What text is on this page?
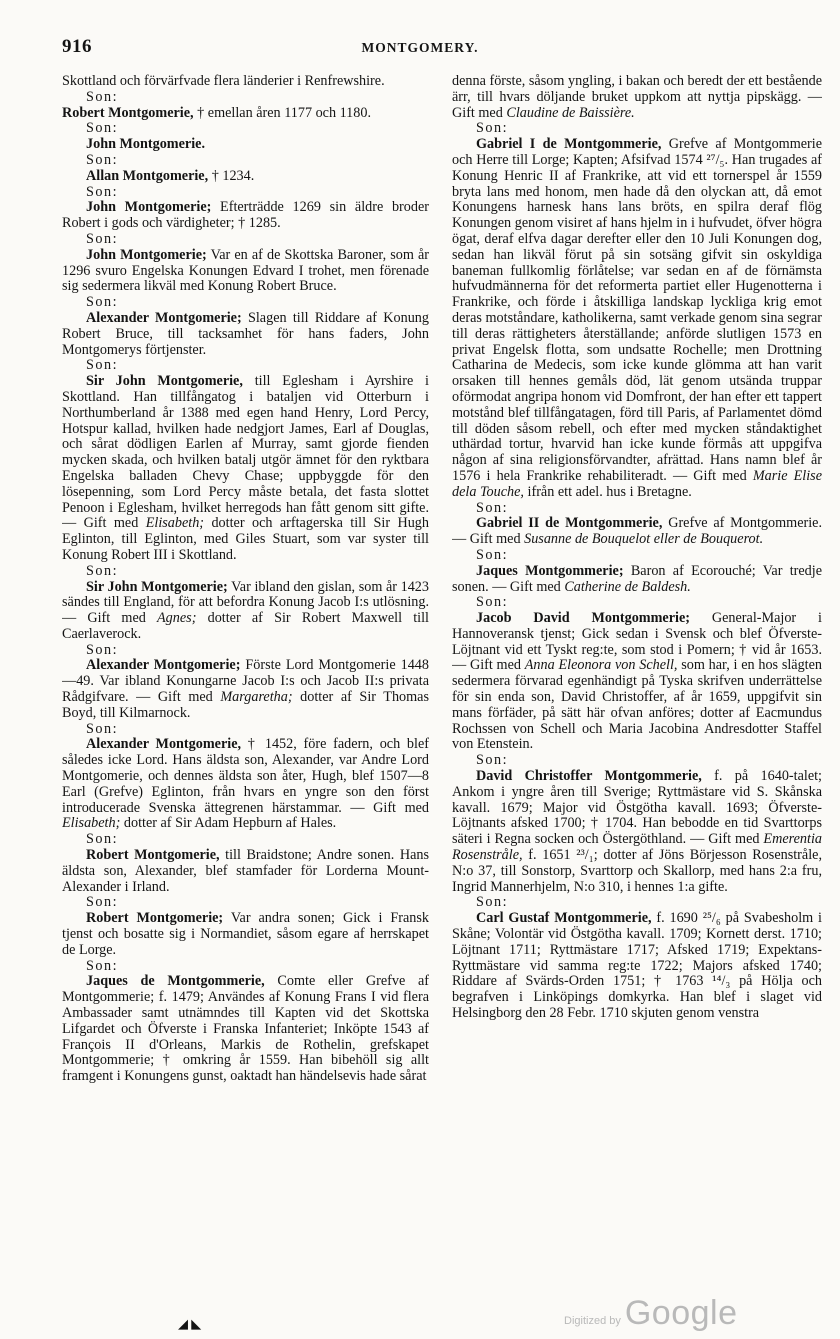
916	MONTGOMERY.

Skottland och förvärfvade flera länderier i Renfrewshire.

Son:

Robert Montgomerie, † emellan åren 1177 och 1180.

Son:

John Montgomerie.

Son:

Allan Montgomerie, † 1234.

Son:

John Montgomerie; Efterträdde 1269 sin äldre broder Robert i gods och värdigheter; † 1285.

Son:

John Montgomerie; Var en af de Skottska Baroner, som år 1296 svuro Engelska Konungen Edvard I trohet, men förenade sig sedermera likväl med Konung Robert Bruce.

Son:

Alexander Montgomerie; Slagen till Riddare af Konung Robert Bruce, till tacksamhet för hans faders, John Montgomerys förtjenster.

Son:

Sir John Montgomerie, till Eglesham i Ayrshire i Skottland. Han tillfångatog i bataljen vid Otterburn i Northumberland år 1388 med egen hand Henry, Lord Percy, Hotspur kallad, hvilken hade nedgjort James, Earl af Douglas, och sårat dödligen Earlen af Murray, samt gjorde fienden mycken skada, och hvilken batalj utgör ämnet för den ryktbara Engelska balladen Chevy Chase; uppbyggde för den lösepenning, som Lord Percy måste betala, det fasta slottet Penoon i Eglesham, hvilket herregods han fått genom sitt gifte. — Gift med Elisabeth; dotter och arftagerska till Sir Hugh Eglinton, till Eglinton, med Giles Stuart, som var syster till Konung Robert III i Skottland.

Son:

Sir John Montgomerie; Var ibland den gislan, som år 1423 sändes till England, för att befordra Konung Jacob I:s utlösning. — Gift med Agnes; dotter af Sir Robert Maxwell till Caerlaverock.

Son:

Alexander Montgomerie; Förste Lord Montgomerie 1448—49. Var ibland Konungarne Jacob I:s och Jacob II:s privata Rådgifvare. — Gift med Margaretha; dotter af Sir Thomas Boyd, till Kilmarnock.

Son:

Alexander Montgomerie, † 1452, före fadern, och blef således icke Lord. Hans äldsta son, Alexander, var Andre Lord Montgomerie, och dennes äldsta son åter, Hugh, blef 1507—8 Earl (Grefve) Eglinton, från hvars en yngre son den först introducerade Svenska ättegrenen härstammar. — Gift med Elisabeth; dotter af Sir Adam Hepburn af Hales.

Son:

Robert Montgomerie, till Braidstone; Andre sonen. Hans äldsta son, Alexander, blef stamfader för Lorderna Mount-Alexander i Irland.

Son:

Robert Montgomerie; Var andra sonen; Gick i Fransk tjenst och bosatte sig i Normandiet, såsom egare af herrskapet de Lorge.

Son:

Jaques de Montgommerie, Comte eller Grefve af Montgommerie; f. 1479; Användes af Konung Frans I vid flera Ambassader samt utnämndes till Kapten vid det Skottska Lifgardet och Öfverste i Franska Infanteriet; Inköpte 1543 af François II d'Orleans, Markis de Rothelin, grefskapet Montgommerie; † omkring år 1559. Han bibehöll sig allt framgent i Konungens gunst, oaktadt han händelsevis hade sårat

denna förste, såsom yngling, i bakan och beredt der ett bestående ärr, till hvars döljande bruket uppkom att nyttja pipskägg. — Gift med Claudine de Baissière.

Son:

Gabriel I de Montgommerie, Grefve af Montgommerie och Herre till Lorge; Kapten; Afsifvad 1574 ²⁷/₅. Han trugades af Konung Henric II af Frankrike, att vid ett tornerspel år 1559 bryta lans med honom, men hade då den olyckan att, då emot Konungens harnesk hans lans bröts, en spilra deraf flög Konungen genom visiret af hans hjelm in i hufvudet, öfver högra ögat, deraf elfva dagar derefter eller den 10 Juli Konungen dog, sedan han likväl förut på sin sotsäng gifvit sin oskyldiga baneman fullkomlig förlåtelse; var sedan en af de förnämsta hufvudmännerna för det reformerta partiet eller Hugenotterna i Frankrike, och förde i åtskilliga landskap lyckliga krig emot deras motståndare, katholikerna, samt verkade genom sina segrar till deras rättigheters återställande; anförde slutligen 1573 en privat Engelsk flotta, som undsatte Rochelle; men Drottning Catharina de Medecis, som icke kunde glömma att han varit orsaken till hennes gemåls död, lät genom utsända truppar oförmodat angripa honom vid Domfront, der han efter ett tappert motstånd blef tillfångatagen, förd till Paris, af Parlamentet dömd till döden såsom rebell, och efter med mycken ståndaktighet uthärdad tortur, hvarvid han icke kunde förmås att uppgifva någon af sina religionsförvandter, afrättad. Hans namn blef år 1576 i hela Frankrike rehabiliteradt. — Gift med Marie Elise dela Touche, ifrån ett adel. hus i Bretagne.

Son:

Gabriel II de Montgommerie, Grefve af Montgommerie. — Gift med Susanne de Bouquelot eller de Bouquerot.

Son:

Jaques Montgommerie; Baron af Ecorouché; Var tredje sonen. — Gift med Catherine de Baldesh.

Son:

Jacob David Montgommerie; General-Major i Hannoveransk tjenst; Gick sedan i Svensk och blef Öfverste-Löjtnant vid ett Tyskt reg:te, som stod i Pomern; † vid år 1653. — Gift med Anna Eleonora von Schell, som har, i en hos slägten sedermera förvarad egenhändigt på Tyska skrifven underrättelse för sin enda son, David Christoffer, af år 1659, uppgifvit sin mans förfäder, på sätt här ofvan anföres; dotter af Eacmundus Rochssen von Schell och Maria Jacobina Andresdotter Staffel von Etenstein.

Son:

David Christoffer Montgommerie, f. på 1640-talet; Ankom i yngre åren till Sverige; Ryttmästare vid S. Skånska kavall. 1679; Major vid Östgötha kavall. 1693; Öfverste-Löjtnants afsked 1700; † 1704. Han bebodde en tid Svarttorps säteri i Regna socken och Östergöthland. — Gift med Emerentia Rosenstråle, f. 1651 ²³/₁; dotter af Jöns Börjesson Rosenstråle, N:o 37, till Sonstorp, Svarttorp och Skallorp, med hans 2:a fru, Ingrid Mannerhjelm, N:o 310, i hennes 1:a gifte.

Son:

Carl Gustaf Montgommerie, f. 1690 ²⁵/₆ på Svabesholm i Skåne; Volontär vid Östgötha kavall. 1709; Kornett derst. 1710; Löjtnant 1711; Ryttmästare 1717; Afsked 1719; Expektans-Ryttmästare vid samma reg:te 1722; Majors afsked 1740; Riddare af Svärds-Orden 1751; † 1763 ¹⁴/₃ på Hölja och begrafven i Linköpings domkyrka. Han blef i slaget vid Helsingborg den 28 Febr. 1710 skjuten genom venstra

◢ ◣	Digitized by Google
